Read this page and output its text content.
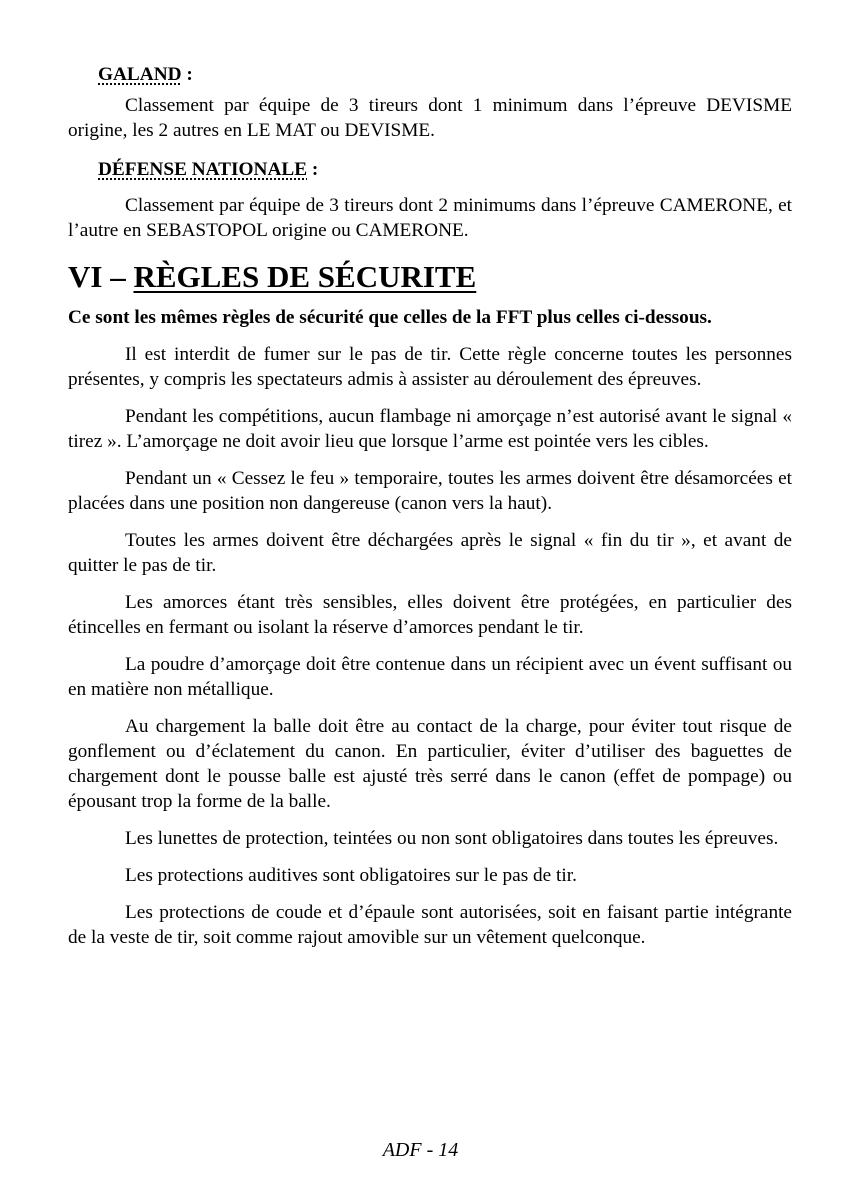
GALAND :

Classement par équipe de 3 tireurs dont 1 minimum dans l’épreuve DEVISME origine, les 2 autres en LE MAT ou DEVISME.

DÉFENSE NATIONALE :

Classement par équipe de 3 tireurs dont 2 minimums dans l’épreuve CAMERONE, et l’autre en SEBASTOPOL origine ou CAMERONE.

VI – RÈGLES DE SÉCURITE

Ce sont les mêmes règles de sécurité que celles de la FFT plus celles ci-dessous.

Il est interdit de fumer sur le pas de tir. Cette règle concerne toutes les personnes présentes, y compris les spectateurs admis à assister au déroulement des épreuves.

Pendant les compétitions, aucun flambage ni amorçage n’est autorisé avant le signal « tirez ». L’amorçage ne doit avoir lieu que lorsque l’arme est pointée vers les cibles.

Pendant un « Cessez le feu » temporaire, toutes les armes doivent être désamorcées et placées dans une position non dangereuse (canon vers la haut).

Toutes les armes doivent être déchargées après le signal « fin du tir », et avant de quitter le pas de tir.

Les amorces étant très sensibles, elles doivent être protégées, en particulier des étincelles en fermant ou isolant la réserve d’amorces pendant le tir.

La poudre d’amorçage doit être contenue dans un récipient avec un évent suffisant ou en matière non métallique.

Au chargement la balle doit être au contact de la charge, pour éviter tout risque de gonflement ou d’éclatement du canon. En particulier, éviter d’utiliser des baguettes de chargement dont le pousse balle est ajusté très serré dans le canon (effet de pompage) ou épousant trop la forme de la balle.

Les lunettes de protection, teintées ou non sont obligatoires dans toutes les épreuves.

Les protections auditives sont obligatoires sur le pas de tir.

Les protections de coude et d’épaule sont autorisées, soit en faisant partie intégrante de la veste de tir, soit comme rajout amovible sur un vêtement quelconque.

ADF - 14
